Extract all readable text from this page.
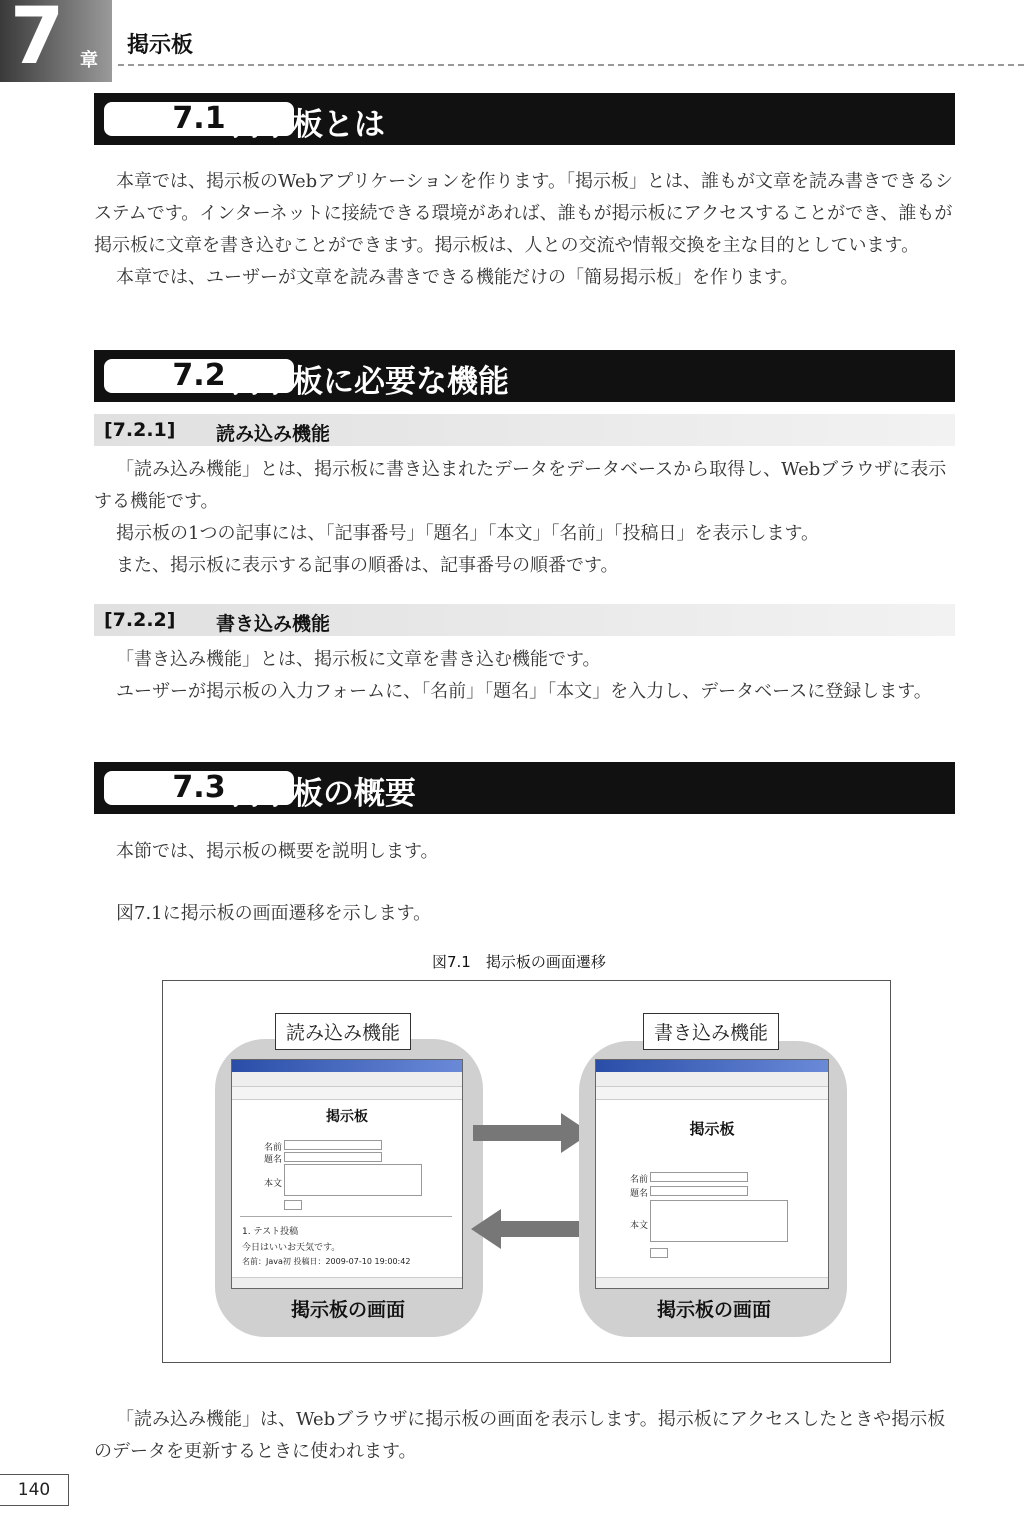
7 章
掲示板
7.1 掲示板とは
本章では、掲示板のWebアプリケーションを作ります。「掲示板」とは、誰もが文章を読み書きできるシ
ステムです。インターネットに接続できる環境があれば、誰もが掲示板にアクセスすることができ、誰もが
掲示板に文章を書き込むことができます。掲示板は、人との交流や情報交換を主な目的としています。
本章では、ユーザーが文章を読み書きできる機能だけの「簡易掲示板」を作ります。
7.2 掲示板に必要な機能
[7.2.1] 読み込み機能
「読み込み機能」とは、掲示板に書き込まれたデータをデータベースから取得し、Webブラウザに表示
する機能です。
掲示板の1つの記事には、「記事番号」「題名」「本文」「名前」「投稿日」を表示します。
また、掲示板に表示する記事の順番は、記事番号の順番です。
[7.2.2] 書き込み機能
「書き込み機能」とは、掲示板に文章を書き込む機能です。
ユーザーが掲示板の入力フォームに、「名前」「題名」「本文」を入力し、データベースに登録します。
7.3 掲示板の概要
本節では、掲示板の概要を説明します。
図7.1に掲示板の画面遷移を示します。
図7.1　掲示板の画面遷移
読み込み機能
掲示板
名前
題名
本文
1. テスト投稿
今日はいいお天気です。
名前：Java初 投稿日：2009-07-10 19:00:42
掲示板の画面
書き込み機能
掲示板
名前
題名
本文
掲示板の画面
「読み込み機能」は、Webブラウザに掲示板の画面を表示します。掲示板にアクセスしたときや掲示板
のデータを更新するときに使われます。
140
